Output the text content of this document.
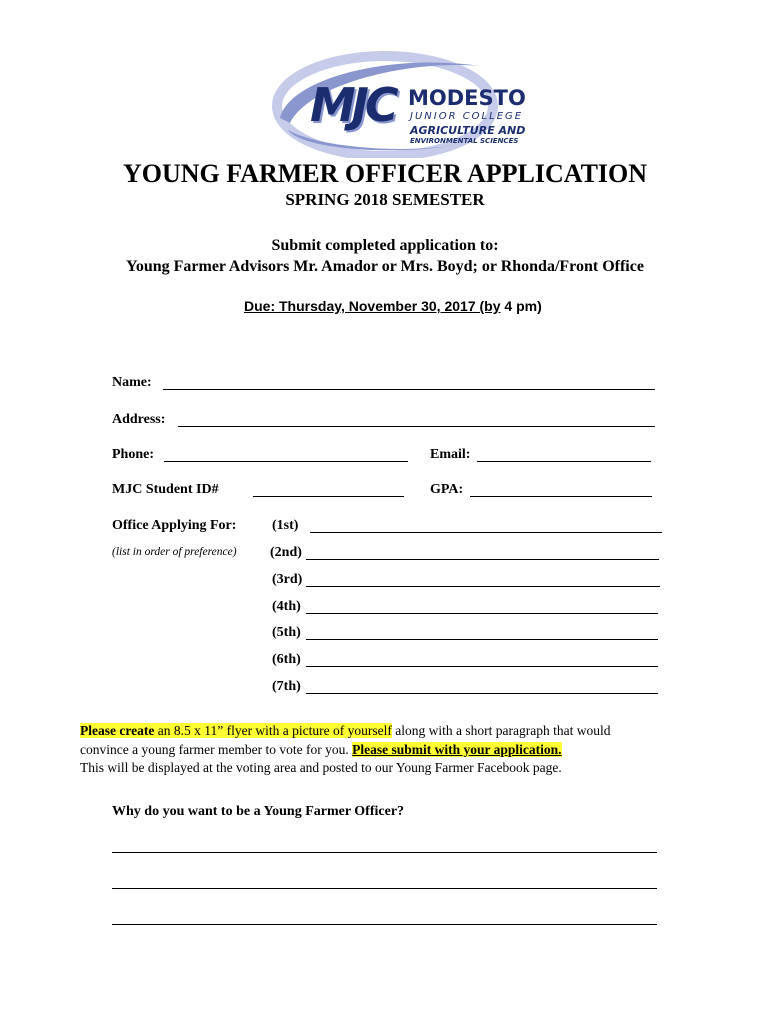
MJC MODESTO
JUNIOR COLLEGE
AGRICULTURE AND
ENVIRONMENTAL SCIENCES
YOUNG FARMER OFFICER APPLICATION
SPRING 2018 SEMESTER
Submit completed application to:
Young Farmer Advisors Mr. Amador or Mrs. Boyd; or Rhonda/Front Office
Due: Thursday, November 30, 2017 (by 4 pm)
Name:
Address:
Phone:	Email:
MJC Student ID#	GPA:
Office Applying For:
(list in order of preference)
(1st)
(2nd)
(3rd)
(4th)
(5th)
(6th)
(7th)
Please create an 8.5 x 11” flyer with a picture of yourself along with a short paragraph that would
convince a young farmer member to vote for you. Please submit with your application.
This will be displayed at the voting area and posted to our Young Farmer Facebook page.
Why do you want to be a Young Farmer Officer?
